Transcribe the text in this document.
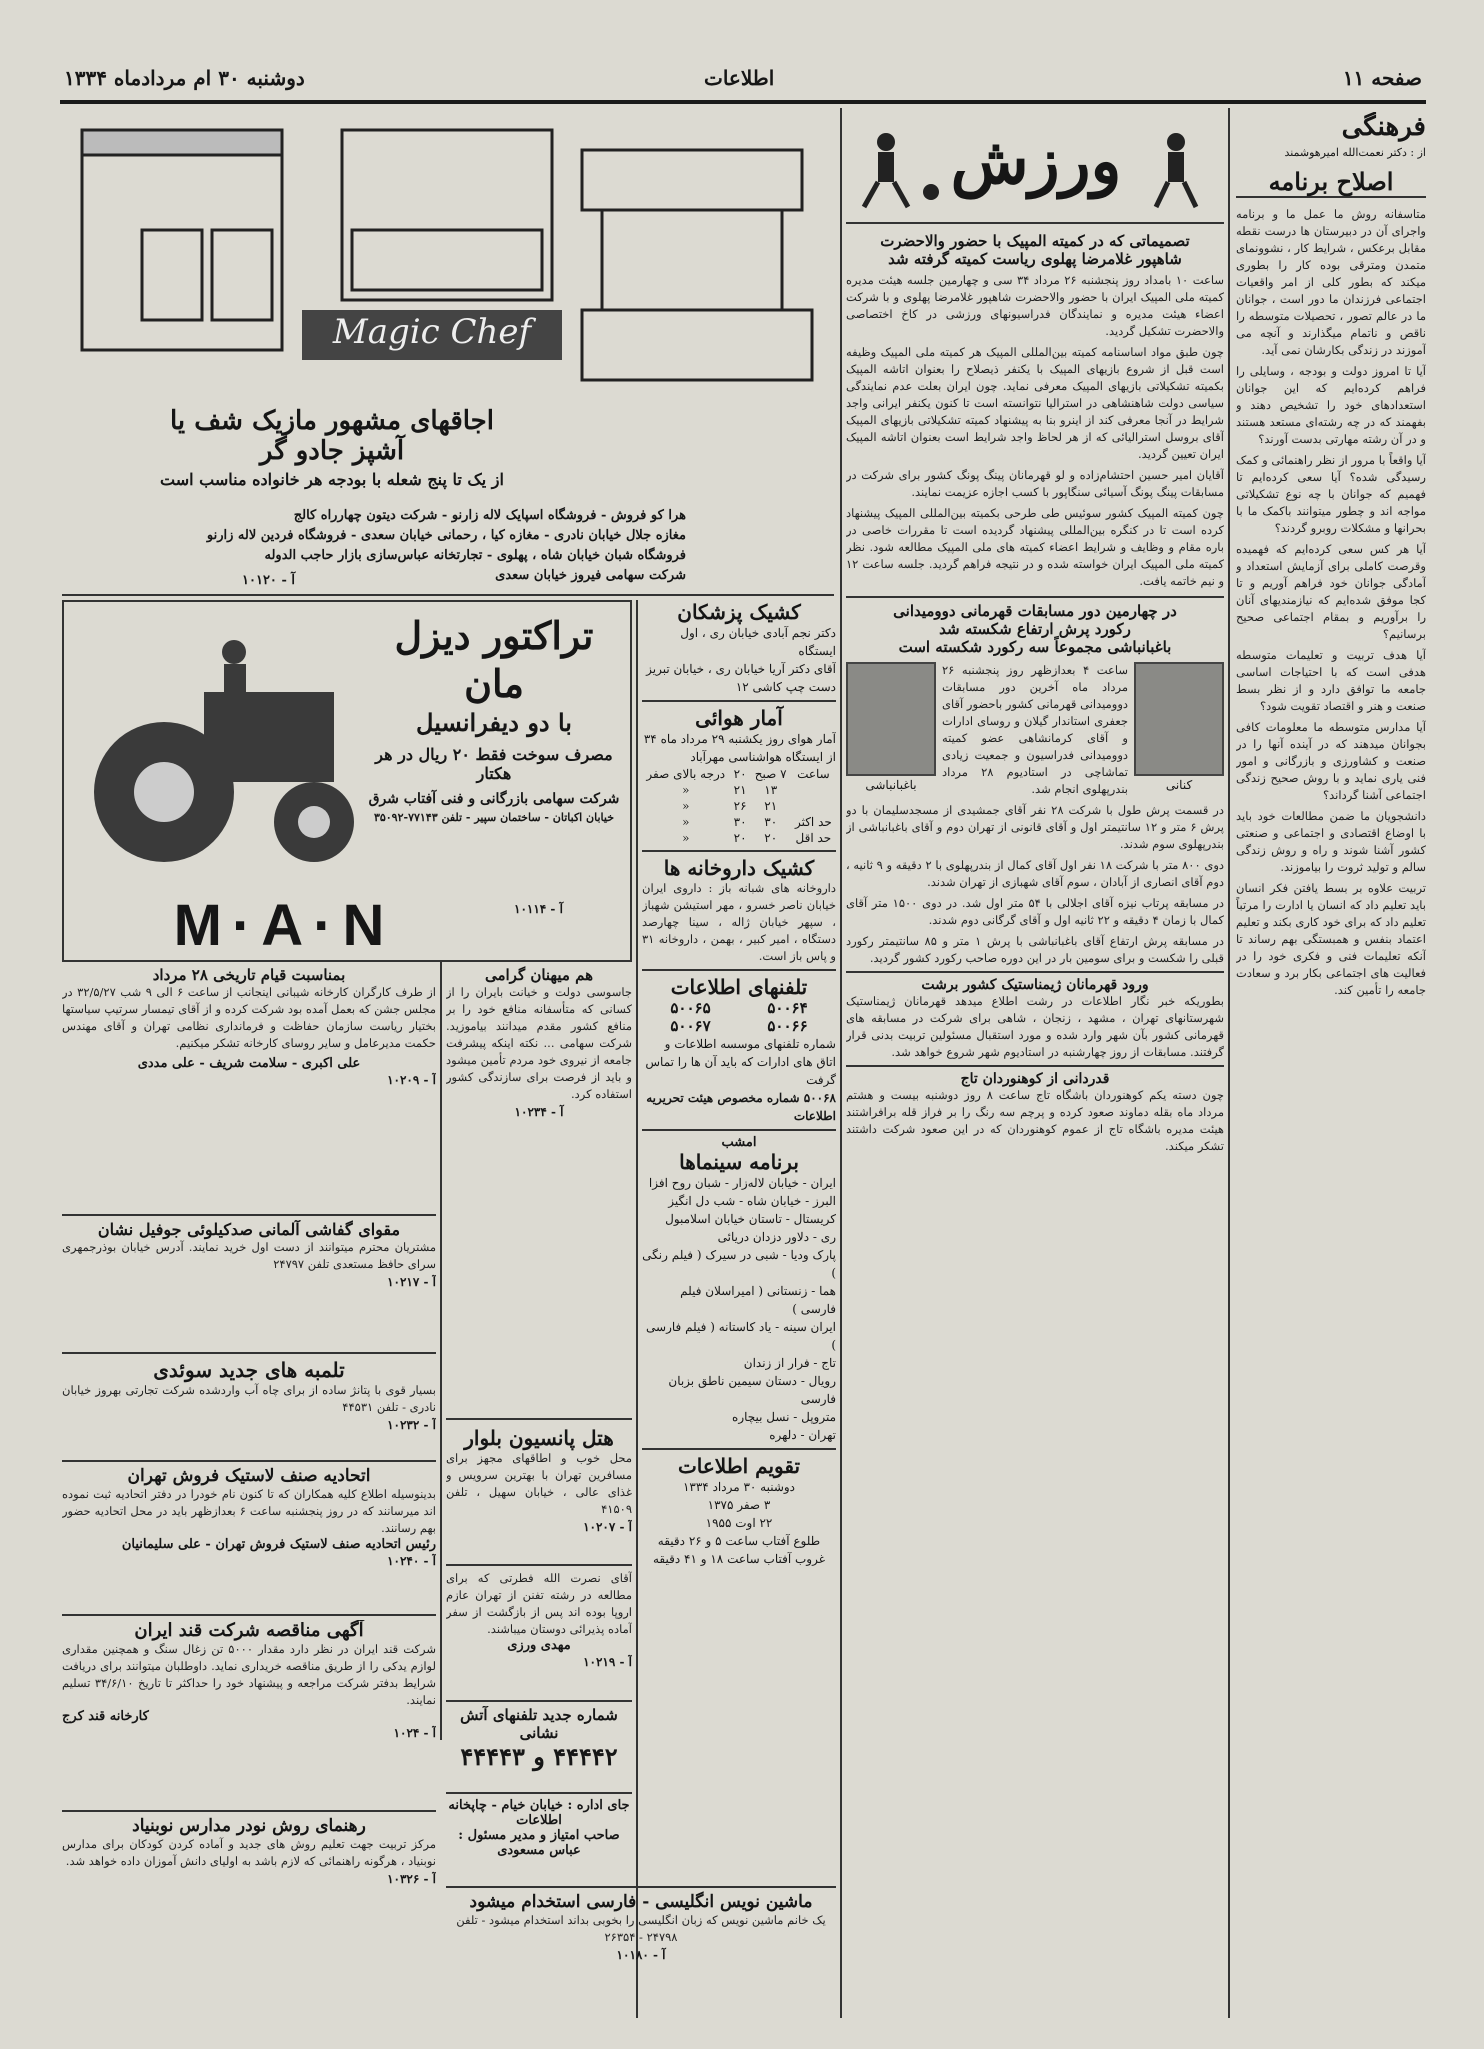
صفحه ۱۱
اطلاعات
دوشنبه ۳۰ ام مردادماه ۱۳۳۴
فرهنگی
از : دکتر نعمت‌الله امیرهوشمند
اصلاح برنامه

متاسفانه روش ما عمل ما و برنامه واجرای آن در دبیرستان ها درست نقطه مقابل برعکس ، شرایط کار ، نشوونمای متمدن ومترقی بوده کار را بطوری میکند که بطور کلی از امر واقعیات اجتماعی فرزندان ما دور است ، جوانان ما در عالم تصور ، تحصیلات متوسطه را ناقص و ناتمام میگذارند و آنچه می آموزند در زندگی بکارشان نمی آید.

آیا تا امروز دولت و بودجه ، وسایلی را فراهم کرده‌ایم که این جوانان استعدادهای خود را تشخیص دهند و بفهمند که در چه رشته‌ای مستعد هستند و در آن رشته مهارتی بدست آورند؟

آیا واقعاً با مرور از نظر راهنمائی و کمک رسیدگی شده؟ آیا سعی کرده‌ایم تا فهمیم که جوانان با چه نوع تشکیلاتی مواجه اند و چطور میتوانند باکمک ما با بحرانها و مشکلات روبرو گردند؟

آیا هر کس سعی کرده‌ایم که فهمیده وقرصت کاملی برای آزمایش استعداد و آمادگی جوانان خود فراهم آوریم و تا کجا موفق شده‌ایم که نیازمندیهای آنان را برآوریم و بمقام اجتماعی صحیح برسانیم؟

آیا هدف تربیت و تعلیمات متوسطه هدفی است که با احتیاجات اساسی جامعه ما توافق دارد و از نظر بسط صنعت و هنر و اقتصاد تقویت شود؟

آیا مدارس متوسطه ما معلومات کافی بجوانان میدهند که در آینده آنها را در صنعت و کشاورزی و بازرگانی و امور فنی یاری نماید و با روش صحیح زندگی اجتماعی آشنا گرداند؟

دانشجویان ما ضمن مطالعات خود باید با اوضاع اقتصادی و اجتماعی و صنعتی کشور آشنا شوند و راه و روش زندگی سالم و تولید ثروت را بیاموزند.

تربیت علاوه بر بسط یافتن فکر انسان باید تعلیم داد که انسان یا ادارت را مرتباً تعلیم داد که برای خود کاری بکند و تعلیم اعتماد بنفس و همبستگی بهم رساند تا آنکه تعلیمات فنی و فکری خود را در فعالیت های اجتماعی بکار برد و سعادت جامعه را تأمین کند.

ورزش
تصمیماتی که در کمیته المپیک با حضور والاحضرت
شاهپور غلامرضا پهلوی ریاست کمیته گرفته شد

ساعت ۱۰ بامداد روز پنجشنبه ۲۶ مرداد ۳۴ سی و چهارمین جلسه هیئت مدیره کمیته ملی المپیک ایران با حضور والاحضرت شاهپور غلامرضا پهلوی و با شرکت اعضاء هیئت مدیره و نمایندگان فدراسیونهای ورزشی در کاخ اختصاصی والاحضرت تشکیل گردید.

چون طبق مواد اساسنامه کمیته بین‌المللی المپیک هر کمیته ملی المپیک وظیفه است قبل از شروع بازیهای المپیک با یکنفر ذیصلاح را بعنوان اتاشه المپیک بکمیته تشکیلاتی بازیهای المپیک معرفی نماید. چون ایران بعلت عدم نمایندگی سیاسی دولت شاهنشاهی در استرالیا نتوانسته است تا کنون یکنفر ایرانی واجد شرایط در آنجا معرفی کند از اینرو بنا به پیشنهاد کمیته تشکیلاتی بازیهای المپیک آقای بروسل استرالیائی که از هر لحاظ واجد شرایط است بعنوان اتاشه المپیک ایران تعیین گردید.

آقایان امیر حسین احتشام‌زاده و لو قهرمانان پینگ پونگ کشور برای شرکت در مسابقات پینگ پونگ آسیائی سنگاپور با کسب اجازه عزیمت نمایند.

چون کمیته المپیک کشور سوئیس طی طرحی بکمیته بین‌المللی المپیک پیشنهاد کرده است تا در کنگره بین‌المللی پیشنهاد گردیده است تا مقررات خاصی در باره مقام و وظایف و شرایط اعضاء کمیته های ملی المپیک مطالعه شود. نظر کمیته ملی المپیک ایران خواسته شده و در نتیجه فراهم گردید. جلسه ساعت ۱۲ و نیم خاتمه یافت.

در چهارمین دور مسابقات قهرمانی دوومیدانی
رکورد پرش ارتفاع شکسته شد
باغبانباشی مجموعاً سه رکورد شکسته است
کنانی
ساعت ۴ بعدازظهر روز پنجشنبه ۲۶ مرداد ماه آخرین دور مسابقات دوومیدانی قهرمانی کشور باحضور آقای جعفری استاندار گیلان و روسای ادارات و آقای کرمانشاهی عضو کمیته دوومیدانی فدراسیون و جمعیت زیادی تماشاچی در استادیوم ۲۸ مرداد بندرپهلوی انجام شد.
باغبانباشی

در قسمت پرش طول با شرکت ۲۸ نفر آقای جمشیدی از مسجدسلیمان با دو پرش ۶ متر و ۱۲ سانتیمتر اول و آقای قانونی از تهران دوم و آقای باغبانباشی از بندرپهلوی سوم شدند.

دوی ۸۰۰ متر با شرکت ۱۸ نفر اول آقای کمال از بندرپهلوی با ۲ دقیقه و ۹ ثانیه ، دوم آقای انصاری از آبادان ، سوم آقای شهبازی از تهران شدند.

در مسابقه پرتاب نیزه آقای اجلالی با ۵۴ متر اول شد. در دوی ۱۵۰۰ متر آقای کمال با زمان ۴ دقیقه و ۲۲ ثانیه اول و آقای گرگانی دوم شدند.

در مسابقه پرش ارتفاع آقای باغبانباشی با پرش ۱ متر و ۸۵ سانتیمتر رکورد قبلی را شکست و برای سومین بار در این دوره صاحب رکورد کشور گردید.

ورود قهرمانان ژیمناستیک کشور برشت
بطوریکه خبر نگار اطلاعات در رشت اطلاع میدهد قهرمانان ژیمناستیک شهرستانهای تهران ، مشهد ، زنجان ، شاهی برای شرکت در مسابقه های قهرمانی کشور بآن شهر وارد شده و مورد استقبال مسئولین تربیت بدنی قرار گرفتند. مسابقات از روز چهارشنبه در استادیوم شهر شروع خواهد شد.
قدردانی از کوهنوردان تاج
چون دسته یکم کوهنوردان باشگاه تاج ساعت ۸ روز دوشنبه بیست و هشتم مرداد ماه بقله دماوند صعود کرده و پرچم سه رنگ را بر فراز قله برافراشتند هیئت مدیره باشگاه تاج از عموم کوهنوردان که در این صعود شرکت داشتند تشکر میکند.
Magic Chef
اجاقهای مشهور مازیک شف یا
آشپز جادو گر
از یک تا پنج شعله با بودجه هر خانواده مناسب است
هرا کو فروش - فروشگاه اسپایک لاله زارنو - شرکت دیتون چهارراه کالج
مغازه جلال خیابان نادری - مغازه کیا ، رحمانی خیابان سعدی - فروشگاه فردین لاله زارنو
فروشگاه شبان خیابان شاه ، پهلوی - تجارتخانه عباس‌سازی بازار حاجب الدوله
شرکت سهامی فیروز خیابان سعدی
آ - ۱۰۱۲۰
تراکتور دیزل مان
با دو دیفرانسیل
مصرف سوخت فقط ۲۰ ریال در هر هکتار
شرکت سهامی بازرگانی و فنی آفتاب شرق
خیابان اکباتان - ساختمان سپیر - تلفن ۷۷۱۴۳-۳۵۰۹۲
M·A·N	آ - ۱۰۱۱۴
کشیک پزشکان
دکتر نجم آبادی خیابان ری ، اول ایستگاه
آقای دکتر آریا خیابان ری ، خیابان تبریز
دست چپ کاشی ۱۲
آمار هوائی
آمار هوای روز یکشنبه ۲۹ مرداد ماه ۳۴ از ایستگاه هواشناسی مهرآباد
ساعت	۷ صبح	۲۰	درجه بالای صفر
	۱۳	۲۱	«
	۲۱	۲۶	«
حد اکثر	۳۰	۳۰	«
حد اقل	۲۰	۲۰	«
کشیک داروخانه ها
داروخانه های شبانه باز : داروی ایران خیابان ناصر خسرو ، مهر استیشن شهباز ، سپهر خیابان ژاله ، سینا چهارصد دستگاه ، امیر کبیر ، بهمن ، داروخانه ۳۱ و پاس باز است.
تلفنهای اطلاعات
۵۰۰۶۴
۵۰۰۶۵
۵۰۰۶۶
۵۰۰۶۷
شماره تلفنهای موسسه اطلاعات و اتاق های ادارات که باید آن ها را تماس گرفت
۵۰۰۶۸ شماره مخصوص هیئت تحریریه اطلاعات
امشب
برنامه سینماها
ایران - خیابان لاله‌زار - شبان روح افزا
البرز - خیابان شاه - شب دل انگیز
کریستال - تاستان خیابان اسلامبول
ری - دلاور دزدان دریائی
پارک ودیا - شبی در سیرک ( فیلم رنگی )
هما - زنستانی ( امیراسلان فیلم فارسی )
ایران سینه - یاد کاستانه ( فیلم فارسی )
تاج - فرار از زندان
رویال - دستان سیمین ناطق بزبان فارسی
متروپل - نسل بیچاره
تهران - دلهره
تقویم اطلاعات
دوشنبه ۳۰ مرداد ۱۳۳۴
۳ صفر ۱۳۷۵
۲۲ اوت ۱۹۵۵
طلوع آفتاب ساعت ۵ و ۲۶ دقیقه
غروب آفتاب ساعت ۱۸ و ۴۱ دقیقه
هم میهنان گرامی
جاسوسی دولت و خیانت بایران را از کسانی که متأسفانه منافع خود را بر منافع کشور مقدم میدانند بیاموزید. شرکت سهامی ... نکته اینکه پیشرفت جامعه از نیروی خود مردم تأمین میشود و باید از فرصت برای سازندگی کشور استفاده کرد.
آ - ۱۰۲۳۴
هتل پانسیون بلوار
محل خوب و اطاقهای مجهز برای مسافرین تهران با بهترین سرویس و غذای عالی ، خیابان سهیل ، تلفن ۴۱۵۰۹
آ - ۱۰۲۰۷
آقای نصرت الله فطرتی که برای مطالعه در رشته تفنن از تهران عازم اروپا بوده اند پس از بازگشت از سفر آماده پذیرائی دوستان میباشند.
مهدی ورزی
آ - ۱۰۲۱۹
شماره جدید تلفنهای آتش نشانی
۴۴۴۴۲ و ۴۴۴۴۳
جای اداره : خیابان خیام - چاپخانه اطلاعات
صاحب امتیاز و مدیر مسئول : عباس مسعودی
بمناسبت قیام تاریخی ۲۸ مرداد
از طرف کارگران کارخانه شیبانی اینجانب از ساعت ۶ الی ۹ شب ۳۲/۵/۲۷ در مجلس جشن که بعمل آمده بود شرکت کرده و از آقای تیمسار سرتیپ سیاستها بختیار ریاست سازمان حفاظت و فرمانداری نظامی تهران و آقای مهندس حکمت مدیرعامل و سایر روسای کارخانه تشکر میکنیم.
علی اکبری - سلامت شریف - علی مددی
آ - ۱۰۲۰۹
مقوای گفاشی آلمانی صدکیلوئی جوفیل نشان
مشتریان محترم میتوانند از دست اول خرید نمایند. آدرس خیابان بوذرجمهری سرای حافظ مستعدی تلفن ۲۴۷۹۷
آ - ۱۰۲۱۷
تلمبه های جدید سوئدی
بسیار قوی با پتانژ ساده از برای چاه آب واردشده شرکت تجارتی بهروز خیابان نادری - تلفن ۴۴۵۳۱
آ - ۱۰۲۳۲
اتحادیه صنف لاستیک فروش تهران
بدینوسیله اطلاع کلیه همکاران که تا کنون نام خودرا در دفتر اتحادیه ثبت نموده اند میرسانند که در روز پنجشنبه ساعت ۶ بعدازظهر باید در محل اتحادیه حضور بهم رسانند.
رئیس اتحادیه صنف لاستیک فروش تهران - علی سلیمانیان
آ - ۱۰۲۴۰
آگهی مناقصه شرکت قند ایران
شرکت قند ایران در نظر دارد مقدار ۵۰۰۰ تن زغال سنگ و همچنین مقداری لوازم یدکی را از طریق مناقصه خریداری نماید. داوطلبان میتوانند برای دریافت شرایط بدفتر شرکت مراجعه و پیشنهاد خود را حداکثر تا تاریخ ۳۴/۶/۱۰ تسلیم نمایند.
کارخانه قند کرج
آ - ۱۰۲۴
رهنمای روش نودر مدارس نوبنیاد
مرکز تربیت جهت تعلیم روش های جدید و آماده کردن کودکان برای مدارس نوبنیاد ، هرگونه راهنمائی که لازم باشد به اولیای دانش آموزان داده خواهد شد.
آ - ۱۰۳۲۶
ماشین نویس انگلیسی - فارسی استخدام میشود
یک خانم ماشین نویس که زبان انگلیسی را بخوبی بداند استخدام میشود - تلفن ۲۴۷۹۸ - ۲۶۳۵۴
آ - ۱۰۱۸۰
